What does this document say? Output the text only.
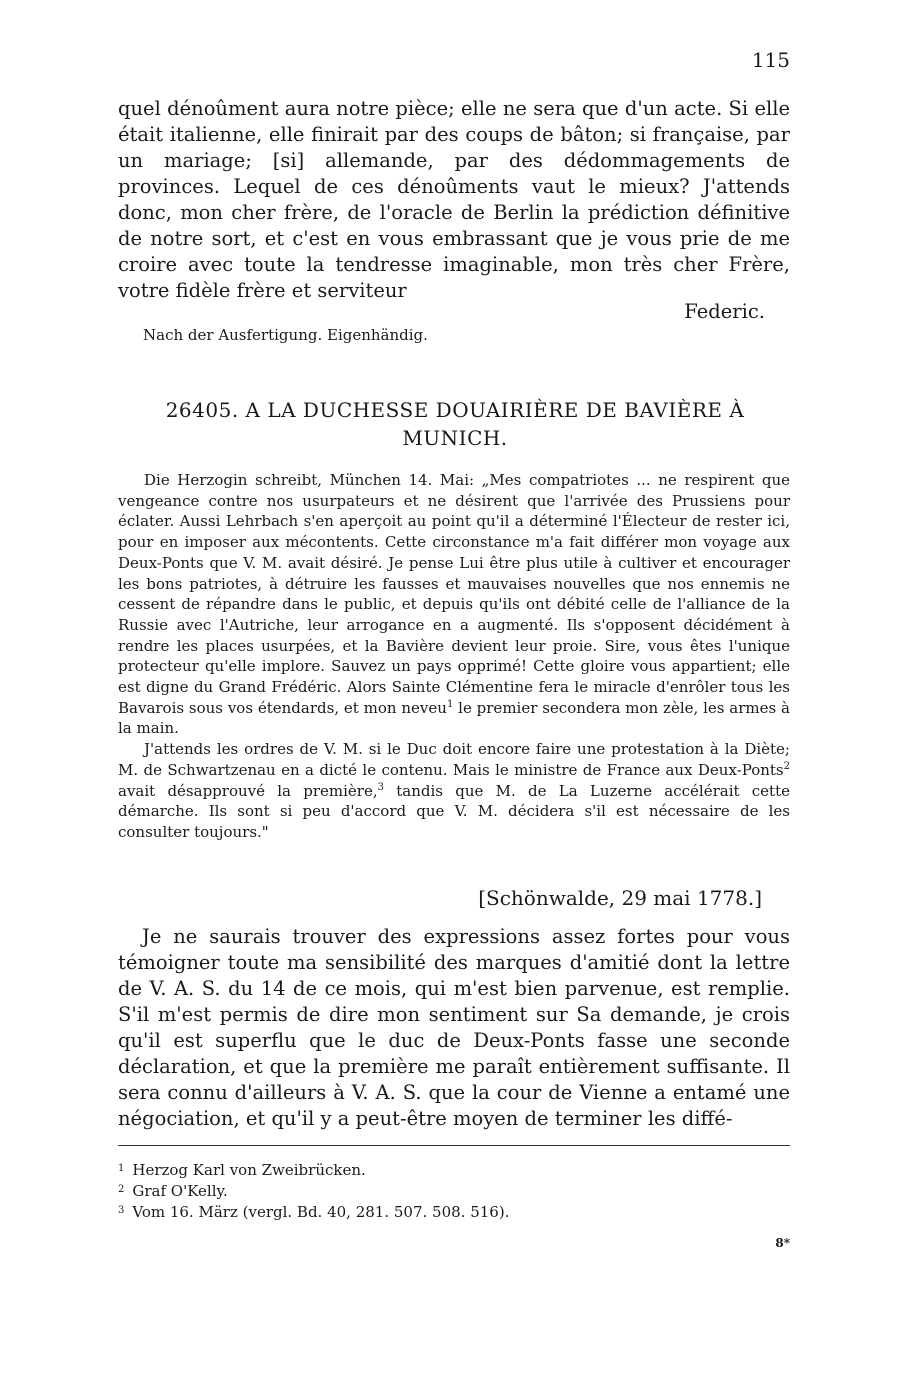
115

quel dénoûment aura notre pièce; elle ne sera que d'un acte. Si elle était italienne, elle finirait par des coups de bâton; si française, par un mariage; [si] allemande, par des dédommagements de provinces. Lequel de ces dénoûments vaut le mieux? J'attends donc, mon cher frère, de l'oracle de Berlin la prédiction définitive de notre sort, et c'est en vous embrassant que je vous prie de me croire avec toute la tendresse imaginable, mon très cher Frère, votre fidèle frère et serviteur

Federic.
Nach der Ausfertigung. Eigenhändig.
26405. A LA DUCHESSE DOUAIRIÈRE DE BAVIÈRE À MUNICH.

Die Herzogin schreibt, München 14. Mai: „Mes compatriotes ... ne respirent que vengeance contre nos usurpateurs et ne désirent que l'arrivée des Prussiens pour éclater. Aussi Lehrbach s'en aperçoit au point qu'il a déterminé l'Électeur de rester ici, pour en imposer aux mécontents. Cette circonstance m'a fait différer mon voyage aux Deux-Ponts que V. M. avait désiré. Je pense Lui être plus utile à cultiver et encourager les bons patriotes, à détruire les fausses et mauvaises nouvelles que nos ennemis ne cessent de répandre dans le public, et depuis qu'ils ont débité celle de l'alliance de la Russie avec l'Autriche, leur arrogance en a augmenté. Ils s'opposent décidément à rendre les places usurpées, et la Bavière devient leur proie. Sire, vous êtes l'unique protecteur qu'elle implore. Sauvez un pays opprimé! Cette gloire vous appartient; elle est digne du Grand Frédéric. Alors Sainte Clémentine fera le miracle d'enrôler tous les Bavarois sous vos étendards, et mon neveu$^1$ le premier secondera mon zèle, les armes à la main.

J'attends les ordres de V. M. si le Duc doit encore faire une protestation à la Diète; M. de Schwartzenau en a dicté le contenu. Mais le ministre de France aux Deux-Ponts$^2$ avait désapprouvé la première,$^3$ tandis que M. de La Luzerne accélérait cette démarche. Ils sont si peu d'accord que V. M. décidera s'il est nécessaire de les consulter toujours."

[Schönwalde, 29 mai 1778.]

Je ne saurais trouver des expressions assez fortes pour vous témoigner toute ma sensibilité des marques d'amitié dont la lettre de V. A. S. du 14 de ce mois, qui m'est bien parvenue, est remplie. S'il m'est permis de dire mon sentiment sur Sa demande, je crois qu'il est superflu que le duc de Deux-Ponts fasse une seconde déclaration, et que la première me paraît entièrement suffisante. Il sera connu d'ailleurs à V. A. S. que la cour de Vienne a entamé une négociation, et qu'il y a peut-être moyen de terminer les diffé-

1 Herzog Karl von Zweibrücken.
2 Graf O'Kelly.
3 Vom 16. März (vergl. Bd. 40, 281. 507. 508. 516).
8*
